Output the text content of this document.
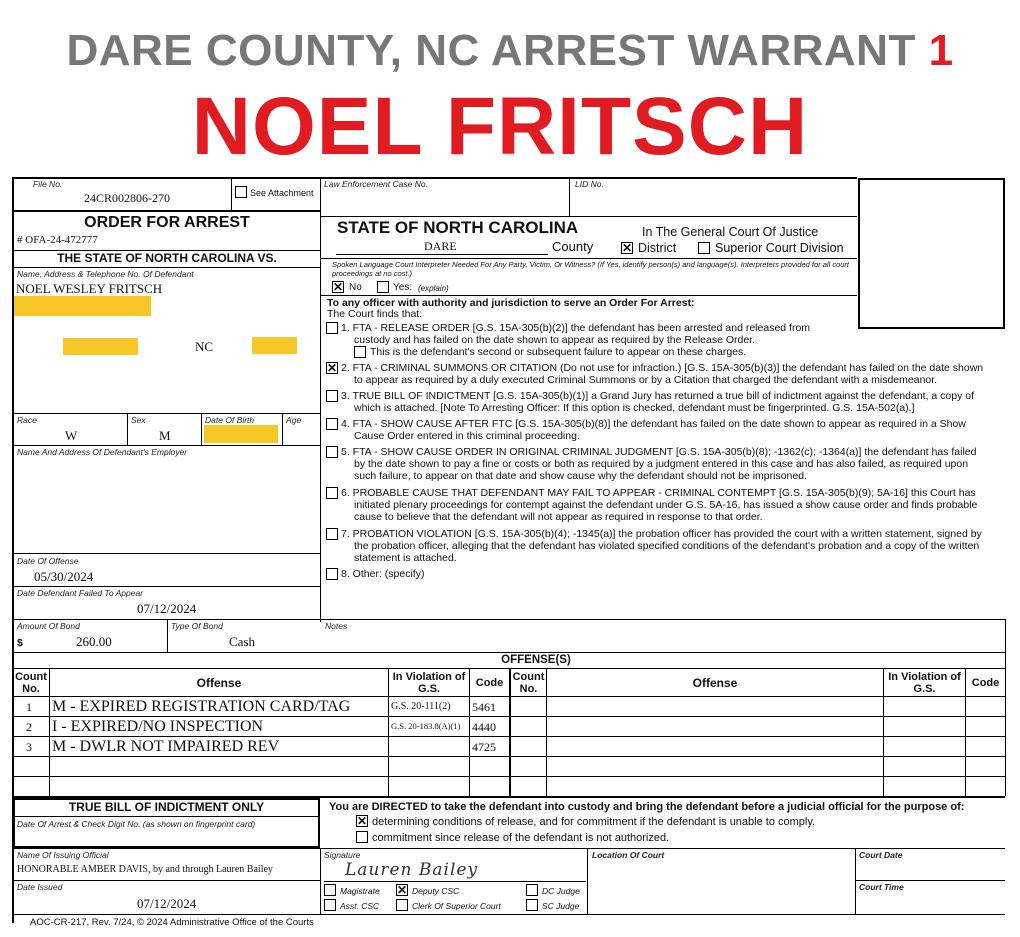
DARE COUNTY, NC ARREST WARRANT 1
NOEL FRITSCH
File No.
24CR002806-270	See Attachment
Law Enforcement Case No.	LID No.
ORDER FOR ARREST
# OFA-24-472777
THE STATE OF NORTH CAROLINA VS.
Name, Address & Telephone No. Of Defendant
NOEL WESLEY FRITSCH
NC
Race
W
Sex
M
Date Of Birth	Age
Name And Address Of Defendant's Employer
Date Of Offense
05/30/2024
Date Defendant Failed To Appear
07/12/2024
Amount Of Bond
$	260.00
Type Of Bond
Cash
Notes
STATE OF NORTH CAROLINA
DARE	County
In The General Court Of Justice
✕ District	Superior Court Division
Spoken Language Court Interpreter Needed For Any Party, Victim, Or Witness? (If Yes, identify person(s) and language(s). Interpreters provided for all court proceedings at no cost.)
✕ No	Yes: (explain)
To any officer with authority and jurisdiction to serve an Order For Arrest:
The Court finds that:
1. FTA - RELEASE ORDER [G.S. 15A-305(b)(2)] the defendant has been arrested and released from
custody and has failed on the date shown to appear as required by the Release Order.
This is the defendant's second or subsequent failure to appear on these charges.
✕ 2. FTA - CRIMINAL SUMMONS OR CITATION (Do not use for infraction.) [G.S. 15A-305(b)(3)] the defendant has failed on the date shown
to appear as required by a duly executed Criminal Summons or by a Citation that charged the defendant with a misdemeanor.
3. TRUE BILL OF INDICTMENT [G.S. 15A-305(b)(1)] a Grand Jury has returned a true bill of indictment against the defendant, a copy of
which is attached. [Note To Arresting Officer: If this option is checked, defendant must be fingerprinted. G.S. 15A-502(a).]
4. FTA - SHOW CAUSE AFTER FTC [G.S. 15A-305(b)(8)] the defendant has failed on the date shown to appear as required in a Show
Cause Order entered in this criminal proceeding.
5. FTA - SHOW CAUSE ORDER IN ORIGINAL CRIMINAL JUDGMENT [G.S. 15A-305(b)(8); -1362(c); -1364(a)] the defendant has failed
by the date shown to pay a fine or costs or both as required by a judgment entered in this case and has also failed, as required upon
such failure, to appear on that date and show cause why the defendant should not be imprisoned.
6. PROBABLE CAUSE THAT DEFENDANT MAY FAIL TO APPEAR - CRIMINAL CONTEMPT [G.S. 15A-305(b)(9); 5A-16] this Court has
initiated plenary proceedings for contempt against the defendant under G.S. 5A-16, has issued a show cause order and finds probable
cause to believe that the defendant will not appear as required in response to that order.
7. PROBATION VIOLATION [G.S. 15A-305(b)(4); -1345(a)] the probation officer has provided the court with a written statement, signed by
the probation officer, alleging that the defendant has violated specified conditions of the defendant's probation and a copy of the written
statement is attached.
8. Other: (specify)
OFFENSE(S)
Count No.	Offense	In Violation of G.S.	Code Count No.	Offense	In Violation of G.S.	Code
1 M - EXPIRED REGISTRATION CARD/TAG	G.S. 20-111(2) 5461
2 I - EXPIRED/NO INSPECTION	G.S. 20-183.8(A)(1) 4440
3 M - DWLR NOT IMPAIRED REV	4725
TRUE BILL OF INDICTMENT ONLY
Date Of Arrest & Check Digit No. (as shown on fingerprint card)
You are DIRECTED to take the defendant into custody and bring the defendant before a judicial official for the purpose of:
✕ determining conditions of release, and for commitment if the defendant is unable to comply.
commitment since release of the defendant is not authorized.
Name Of Issuing Official
HONORABLE AMBER DAVIS, by and through Lauren Bailey
Signature
Lauren Bailey
Location Of Court	Court Date
Court Time
Date Issued
07/12/2024
Magistrate ✕ Deputy CSC	DC Judge
Asst. CSC	Clerk Of Superior Court	SC Judge
AOC-CR-217, Rev. 7/24, © 2024 Administrative Office of the Courts
